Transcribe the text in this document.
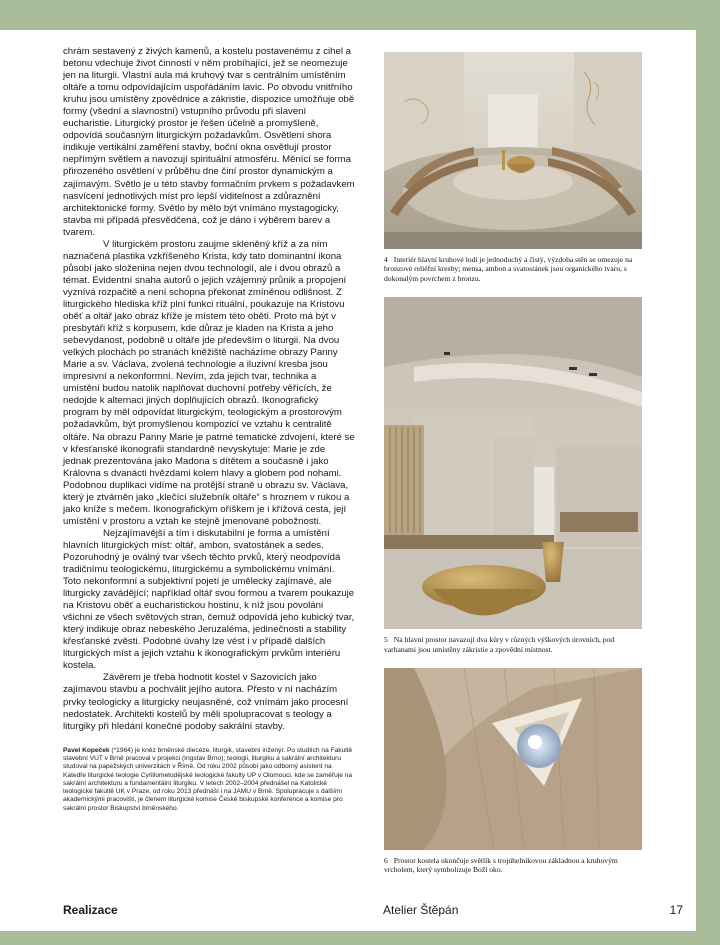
chrám sestavený z živých kamenů, a kostelu postavenému z cihel a betonu vdechuje život činností v něm probíhající, jež se neomezuje jen na liturgii. Vlastní aula má kruhový tvar s centrálním umístěním oltáře a tomu odpovídajícím uspořádáním lavic. Po obvodu vnitřního kruhu jsou umístěny zpovědnice a zákristie, dispozice umožňuje obě formy (všední a slavnostní) vstupního průvodu při slavení eucharistie. Liturgický prostor je řešen účelně a promyšleně, odpovídá současným liturgickým požadavkům. Osvětlení shora indikuje vertikální zaměření stavby, boční okna osvětlují prostor nepřímým světlem a navozují spirituální atmosféru. Měnící se forma přirozeného osvětlení v průběhu dne činí prostor dynamickým a zajímavým. Světlo je u této stavby formačním prvkem s požadavkem nasvícení jednotlivých míst pro lepší viditelnost a zdůraznění architektonické formy. Světlo by mělo být vnímáno mystagogicky, stavba mi případá přesvědčená, což je dáno i výběrem barev a tvarem.

V liturgickém prostoru zaujme skleněný kříž a za ním naznačená plastika vzkříšeného Krista, kdy tato dominantní ikona působí jako složenina nejen dvou technologií, ale i dvou obrazů a témat. Evidentní snaha autorů o jejich vzájemný průnik a propojení vyznívá rozpačitě a není schopna překonat zmíněnou odlišnost. Z liturgického hlediska kříž plní funkci rituální, poukazuje na Kristovu oběť a oltář jako obraz kříže je místem této oběti. Proto má být v presbytáři kříž s korpusem, kde důraz je kladen na Krista a jeho sebevydanost, podobně u oltáře jde především o liturgii. Na dvou velkých plochách po stranách kněžiště nacházíme obrazy Panny Marie a sv. Václava, zvolená technologie a iluzivní kresba jsou impresivní a nekonformní. Nevím, zda jejich tvar, technika a umístění budou natolik naplňovat duchovní potřeby věřících, že nedojde k alternaci jiných doplňujících obrazů. Ikonografický program by měl odpovídat liturgickým, teologickým a prostorovým požadavkům, být promyšlenou kompozicí ve vztahu k centralitě oltáře. Na obrazu Panny Marie je patrné tematické zdvojení, které se v křesťanské ikonografii standardně nevyskytuje: Marie je zde jednak prezentována jako Madona s dítětem a současně i jako Královna s dvanácti hvězdami kolem hlavy a globem pod nohami. Podobnou duplikaci vidíme na protější straně u obrazu sv. Václava, který je ztvárněn jako „klečící služebník oltáře“ s hroznem v rukou a jako kníže s mečem. Ikonografickým oříškem je i křížová cesta, její umístění v prostoru a vztah ke stejně jmenované pobožnosti.

Nejzajímavější a tím i diskutabilní je forma a umístění hlavních liturgických míst: oltář, ambon, svatostánek a sedes. Pozoruhodný je oválný tvar všech těchto prvků, který neodpovídá tradičnímu teologickému, liturgickému a symbolickému vnímání. Toto nekonformní a subjektivní pojetí je umělecky zajímavé, ale liturgicky zavádějící; například oltář svou formou a tvarem poukazuje na Kristovu oběť a eucharistickou hostinu, k níž jsou povoláni všichni ze všech světových stran, čemuž odpovídá jeho kubický tvar, který indikuje obraz nebeského Jeruzaléma, jedinečnosti a stability křesťanské zvěsti. Podobné úvahy lze vést i v případě dalších liturgických míst a jejich vztahu k ikonografickým prvkům interiéru kostela.

Závěrem je třeba hodnotit kostel v Sazovicích jako zajímavou stavbu a pochválit jejího autora. Přesto v ní nacházím prvky teologicky a liturgicky neujasněné, což vnímám jako procesní nedostatek. Architekti kostelů by měli spolupracovat s teology a liturgiky při hledání konečné podoby sakrální stavby.

Pavel Kopeček (*1964) je kněz brněnské diecéze, liturgik, stavební inženýr. Po studiích na Fakultě stavební VUT v Brně pracoval v projekci (Ingstav Brno); teologii, liturgiku a sakrální architekturu studoval na papežských univerzitách v Římě. Od roku 2002 působí jako odborný asistent na Katedře liturgické teologie Cyrillometodějské teologické fakulty UP v Olomouci, kde se zaměřuje na sakrální architekturu a fundamentální liturgiku. V letech 2002–2004 přednášel na Katolické teologické fakultě UK v Praze, od roku 2013 přednáší i na JAMU v Brně. Spolupracuje s dalšími akademickými pracovišti, je členem liturgické komise České biskupské konference a komise pro sakrální prostor Biskupství brněnského.
4 Interiér hlavní kruhové lodi je jednoduchý a čistý, výzdoba stěn se omezuje na bronzové reliéfní kresby; mensa, ambon a svatostánek jsou organického tvaru, s dokonalým povrchem z bronzu.
5 Na hlavní prostor navazují dva kůry v různých výškových úrovních, pod varhanami jsou umístěny zákristie a zpovědní místnost.
6 Prostor kostela ukončuje světlík s trojúhelníkovou základnou a kruhovým vrcholem, který symbolizuje Boží oko.
Realizace	Atelier Štěpán	17
